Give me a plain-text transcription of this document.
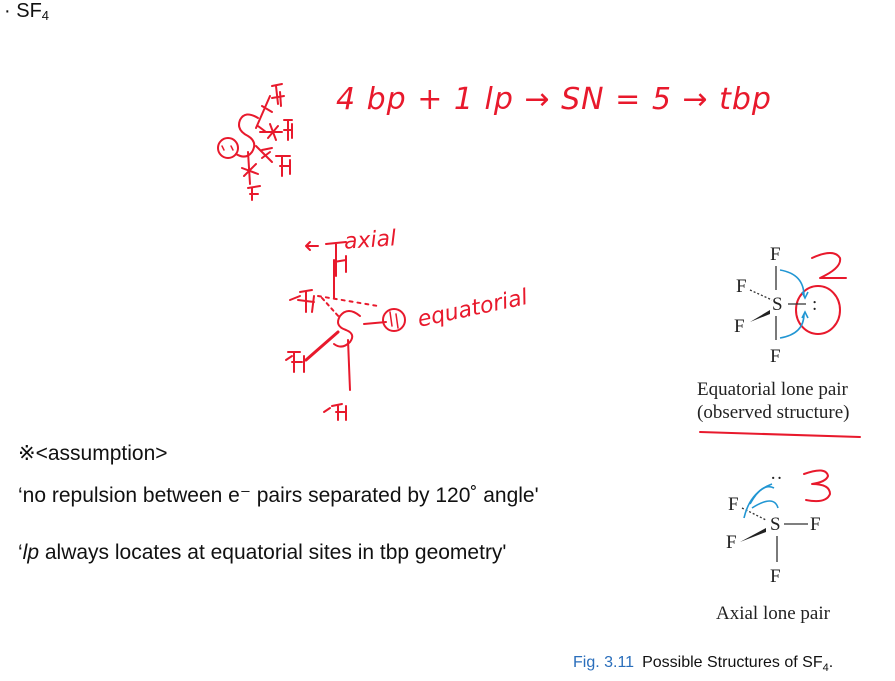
· $SF_4$
4 bp + 1 lp → SN = 5 → tbp
axial
equatorial
※<assumption>
‘no repulsion between e⁻ pairs separated by 120˚ angle'
‘lp always locates at equatorial sites in tbp geometry'
F
F
S
F
F
:
Equatorial lone pair
(observed structure)
··
F
S F
F
F
Axial lone pair
Fig. 3.11 Possible Structures of $SF_4$.
